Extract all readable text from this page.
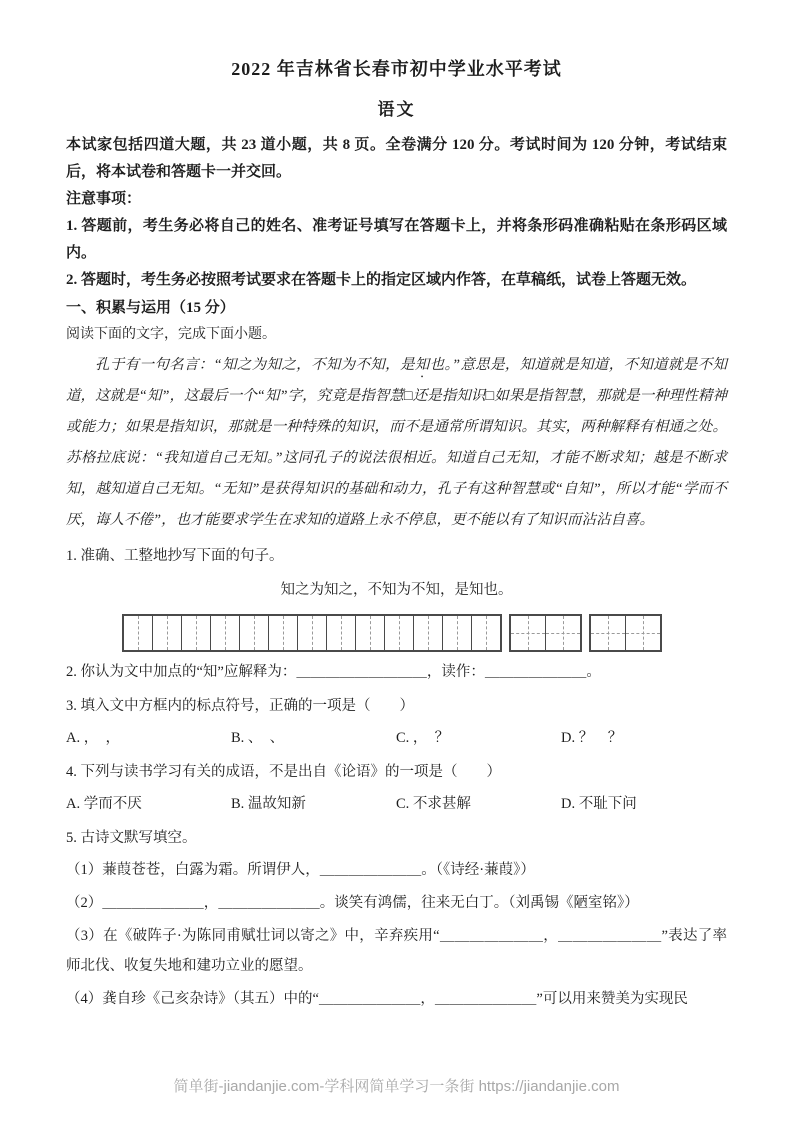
2022 年吉林省长春市初中学业水平考试
语文

本试家包括四道大题，共 23 道小题，共 8 页。全卷满分 120 分。考试时间为 120 分钟，考试结束后，将本试卷和答题卡一并交回。

注意事项：

1. 答题前，考生务必将自己的姓名、准考证号填写在答题卡上，并将条形码准确粘贴在条形码区域内。

2. 答题时，考生务必按照考试要求在答题卡上的指定区域内作答，在草稿纸，试卷上答题无效。

一、积累与运用（15 分）
阅读下面的文字，完成下面小题。

孔于有一句名言：“知之为知之，不知为不知，是知也。”意思是，知道就是知道，不知道就是不知道，这就是“知”，这最后一个“知”字，究竟是指智慧□还是指知识□如果是指智慧，那就是一种理性精神或能力；如果是指知识，那就是一种特殊的知识，而不是通常所谓知识。其实，两种解释有相通之处。苏格拉底说：“我知道自己无知。”这同孔子的说法很相近。知道自己无知，才能不断求知；越是不断求知，越知道自己无知。“无知”是获得知识的基础和动力，孔子有这种智慧或“自知”，所以才能“学而不厌，诲人不倦”，也才能要求学生在求知的道路上永不停息，更不能以有了知识而沾沾自喜。

1. 准确、工整地抄写下面的句子。
知之为知之，不知为不知，是知也。
2. 你认为文中加点的“知”应解释为：＿＿＿＿＿＿＿＿＿，读作：＿＿＿＿＿＿＿。
3. 填入文中方框内的标点符号，正确的一项是（　　）
A. ，　，	B. 、　、	C. ，　？	D. ？　？
4. 下列与读书学习有关的成语，不是出自《论语》的一项是（　　）
A. 学而不厌	B. 温故知新	C. 不求甚解	D. 不耻下问
5. 古诗文默写填空。
（1）蒹葭苍苍，白露为霜。所谓伊人，＿＿＿＿＿＿＿。（《诗经·蒹葭》）
（2）＿＿＿＿＿＿＿，＿＿＿＿＿＿＿。谈笑有鸿儒，往来无白丁。（刘禹锡《陋室铭》）
（3）在《破阵子·为陈同甫赋壮词以寄之》中，辛弃疾用“＿＿＿＿＿＿＿，＿＿＿＿＿＿＿”表达了率师北伐、收复失地和建功立业的愿望。
（4）龚自珍《己亥杂诗》（其五）中的“＿＿＿＿＿＿＿，＿＿＿＿＿＿＿”可以用来赞美为实现民
简单街-jiandanjie.com-学科网简单学习一条街 https://jiandanjie.com
